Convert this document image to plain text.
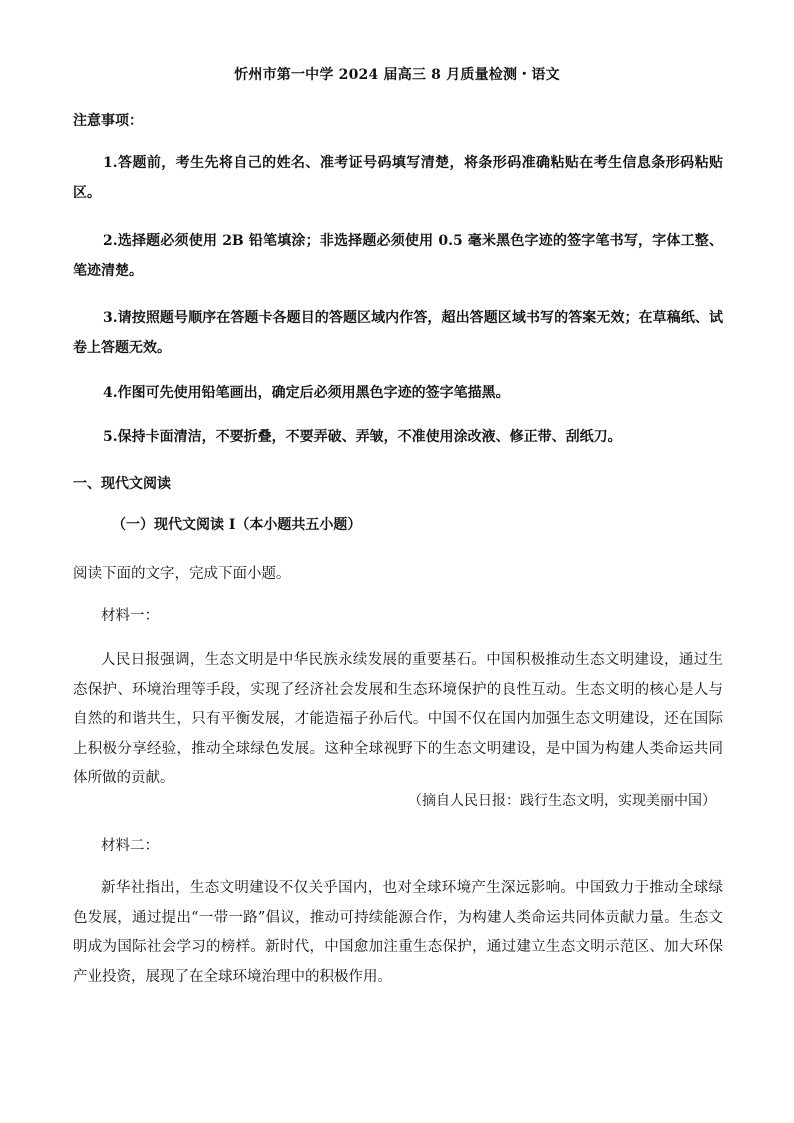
忻州市第一中学 2024 届高三 8 月质量检测・语文
注意事项：
1.答题前，考生先将自己的姓名、准考证号码填写清楚，将条形码准确粘贴在考生信息条形码粘贴区。
2.选择题必须使用 2B 铅笔填涂；非选择题必须使用 0.5 毫米黑色字迹的签字笔书写，字体工整、笔迹清楚。
3.请按照题号顺序在答题卡各题目的答题区域内作答，超出答题区域书写的答案无效；在草稿纸、试卷上答题无效。
4.作图可先使用铅笔画出，确定后必须用黑色字迹的签字笔描黑。
5.保持卡面清洁，不要折叠，不要弄破、弄皱，不准使用涂改液、修正带、刮纸刀。
一、现代文阅读
（一）现代文阅读 I（本小题共五小题）
阅读下面的文字，完成下面小题。
材料一：
人民日报强调，生态文明是中华民族永续发展的重要基石。中国积极推动生态文明建设，通过生态保护、环境治理等手段，实现了经济社会发展和生态环境保护的良性互动。生态文明的核心是人与自然的和谐共生，只有平衡发展，才能造福子孙后代。中国不仅在国内加强生态文明建设，还在国际上积极分享经验，推动全球绿色发展。这种全球视野下的生态文明建设，是中国为构建人类命运共同体所做的贡献。
（摘自人民日报：践行生态文明，实现美丽中国）
材料二：
新华社指出，生态文明建设不仅关乎国内，也对全球环境产生深远影响。中国致力于推动全球绿色发展，通过提出“一带一路”倡议，推动可持续能源合作，为构建人类命运共同体贡献力量。生态文明成为国际社会学习的榜样。新时代，中国愈加注重生态保护，通过建立生态文明示范区、加大环保产业投资，展现了在全球环境治理中的积极作用。
